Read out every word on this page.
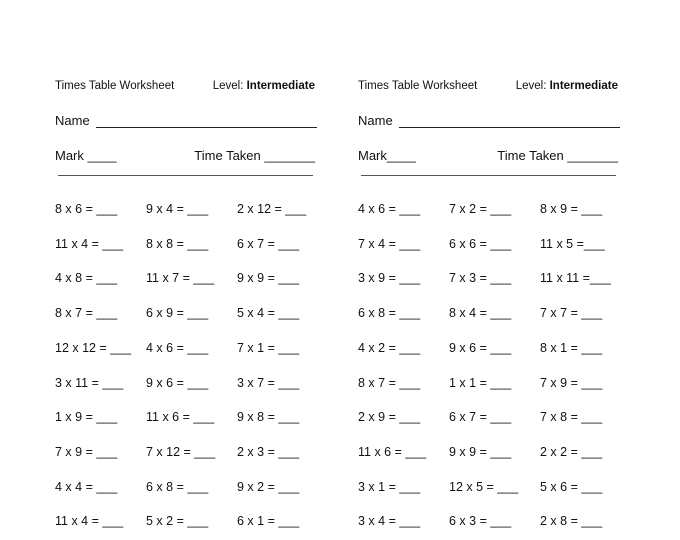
Times Table Worksheet	Level: Intermediate
Name
Mark ____	Time Taken _______
8 x 6 = ___ 9 x 4 = ___ 2 x 12 = ___
11 x 4 = ___ 8 x 8 = ___ 6 x 7 = ___
4 x 8 = ___ 11 x 7 = ___ 9 x 9 = ___
8 x 7 = ___ 6 x 9 = ___ 5 x 4 = ___
12 x 12 = ___ 4 x 6 = ___ 7 x 1 = ___
3 x 11 = ___ 9 x 6 = ___ 3 x 7 = ___
1 x 9 = ___ 11 x 6 = ___ 9 x 8 = ___
7 x 9 = ___ 7 x 12 = ___ 2 x 3 = ___
4 x 4 = ___ 6 x 8 = ___ 9 x 2 = ___
11 x 4 = ___ 5 x 2 = ___ 6 x 1 = ___
Times Table Worksheet	Level: Intermediate
Name
Mark____	Time Taken _______
4 x 6 = ___ 7 x 2 = ___ 8 x 9 = ___
7 x 4 = ___ 6 x 6 = ___ 11 x 5 =___
3 x 9 = ___ 7 x 3 = ___ 11 x 11 =___
6 x 8 = ___ 8 x 4 = ___ 7 x 7 = ___
4 x 2 = ___ 9 x 6 = ___ 8 x 1 = ___
8 x 7 = ___ 1 x 1 = ___ 7 x 9 = ___
2 x 9 = ___ 6 x 7 = ___ 7 x 8 = ___
11 x 6 = ___ 9 x 9 = ___ 2 x 2 = ___
3 x 1 = ___ 12 x 5 = ___ 5 x 6 = ___
3 x 4 = ___ 6 x 3 = ___ 2 x 8 = ___
